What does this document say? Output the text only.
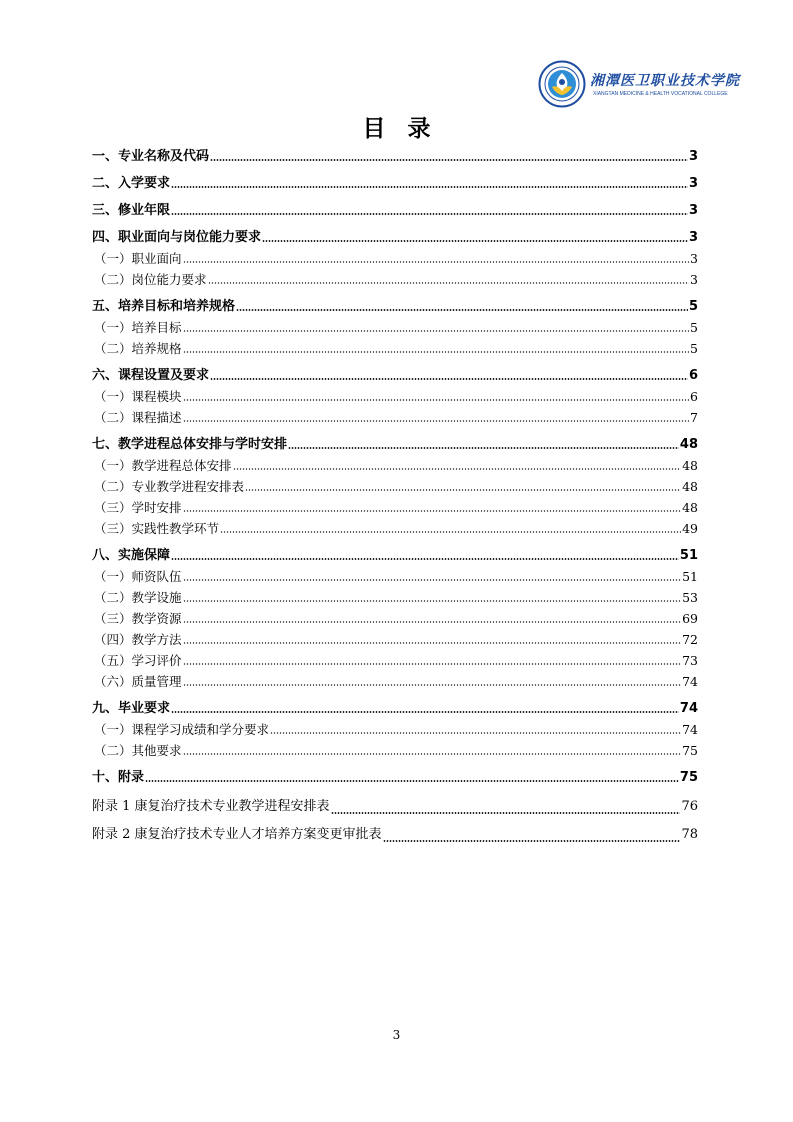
湘潭医卫职业技术学院
XIANGTAN MEDICINE & HEALTH VOCATIONAL COLLEGE
目录
一、专业名称及代码	3
二、入学要求	3
三、修业年限	3
四、职业面向与岗位能力要求	3
（一）职业面向	3
（二）岗位能力要求	3
五、培养目标和培养规格	5
（一）培养目标	5
（二）培养规格	5
六、课程设置及要求	6
（一）课程模块	6
（二）课程描述	7
七、教学进程总体安排与学时安排	48
（一）教学进程总体安排	48
（二）专业教学进程安排表	48
（三）学时安排	48
（三）实践性教学环节	49
八、实施保障	51
（一）师资队伍	51
（二）教学设施	53
（三）教学资源	69
（四）教学方法	72
（五）学习评价	73
（六）质量管理	74
九、毕业要求	74
（一）课程学习成绩和学分要求	74
（二）其他要求	75
十、附录	75
附录 1 康复治疗技术专业教学进程安排表	76
附录 2 康复治疗技术专业人才培养方案变更审批表	78
3
